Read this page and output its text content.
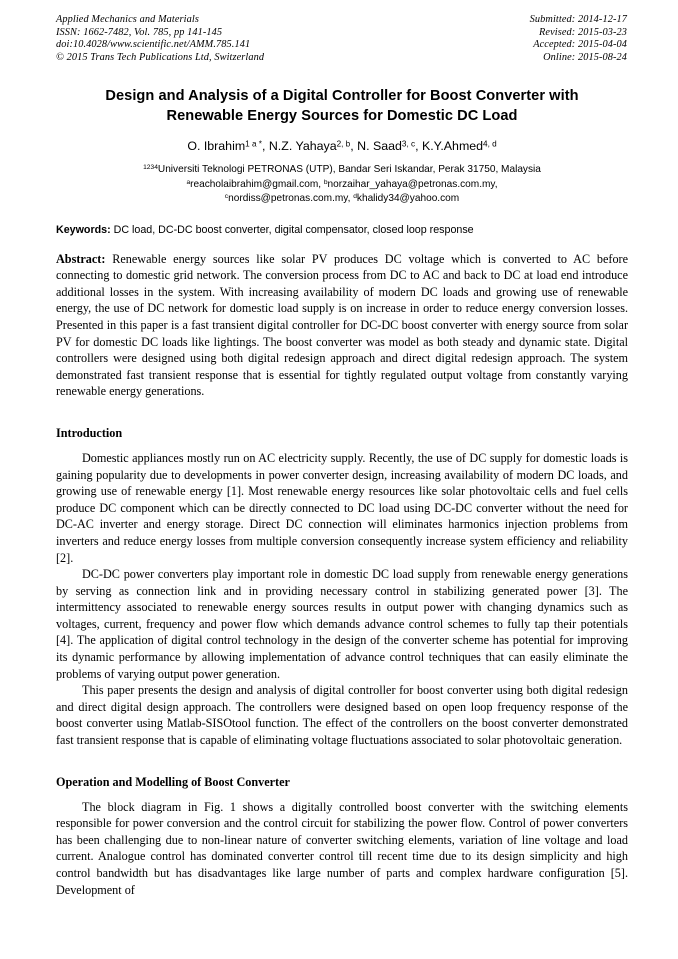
Applied Mechanics and Materials
ISSN: 1662-7482, Vol. 785, pp 141-145
doi:10.4028/www.scientific.net/AMM.785.141
© 2015 Trans Tech Publications Ltd, Switzerland
Submitted: 2014-12-17
Revised: 2015-03-23
Accepted: 2015-04-04
Online: 2015-08-24
Design and Analysis of a Digital Controller for Boost Converter with Renewable Energy Sources for Domestic DC Load
O. Ibrahim$^{1 a *}$, N.Z. Yahaya$^{2, b}$, N. Saad$^{3, c}$, K.Y.Ahmed$^{4, d}$
$^{1234}$Universiti Teknologi PETRONAS (UTP), Bandar Seri Iskandar, Perak 31750, Malaysia
$^a$reacholaibrahim@gmail.com, $^b$norzaihar_yahaya@petronas.com.my,
$^c$nordiss@petronas.com.my, $^d$khalidy34@yahoo.com
Keywords: DC load, DC-DC boost converter, digital compensator, closed loop response
Abstract: Renewable energy sources like solar PV produces DC voltage which is converted to AC before connecting to domestic grid network. The conversion process from DC to AC and back to DC at load end introduce additional losses in the system. With increasing availability of modern DC loads and growing use of renewable energy, the use of DC network for domestic load supply is on increase in order to reduce energy conversion losses. Presented in this paper is a fast transient digital controller for DC-DC boost converter with energy source from solar PV for domestic DC loads like lightings. The boost converter was model as both steady and dynamic state. Digital controllers were designed using both digital redesign approach and direct digital redesign approach. The system demonstrated fast transient response that is essential for tightly regulated output voltage from constantly varying renewable energy generations.
Introduction
Domestic appliances mostly run on AC electricity supply. Recently, the use of DC supply for domestic loads is gaining popularity due to developments in power converter design, increasing availability of modern DC loads, and growing use of renewable energy [1]. Most renewable energy resources like solar photovoltaic cells and fuel cells produce DC component which can be directly connected to DC load using DC-DC converter without the need for DC-AC inverter and energy storage. Direct DC connection will eliminates harmonics injection problems from inverters and reduce energy losses from multiple conversion consequently increase system efficiency and reliability [2].
DC-DC power converters play important role in domestic DC load supply from renewable energy generations by serving as connection link and in providing necessary control in stabilizing generated power [3]. The intermittency associated to renewable energy sources results in output power with changing dynamics such as voltages, current, frequency and power flow which demands advance control schemes to fully tap their potentials [4]. The application of digital control technology in the design of the converter scheme has potential for improving its dynamic performance by allowing implementation of advance control techniques that can easily eliminate the problems of varying output power generation.
This paper presents the design and analysis of digital controller for boost converter using both digital redesign and direct digital design approach. The controllers were designed based on open loop frequency response of the boost converter using Matlab-SISOtool function. The effect of the controllers on the boost converter demonstrated fast transient response that is capable of eliminating voltage fluctuations associated to solar photovoltaic generation.
Operation and Modelling of Boost Converter
The block diagram in Fig. 1 shows a digitally controlled boost converter with the switching elements responsible for power conversion and the control circuit for stabilizing the power flow. Control of power converters has been challenging due to non-linear nature of converter switching elements, variation of line voltage and load current. Analogue control has dominated converter control till recent time due to its design simplicity and high control bandwidth but has disadvantages like large number of parts and complex hardware configuration [5]. Development of
